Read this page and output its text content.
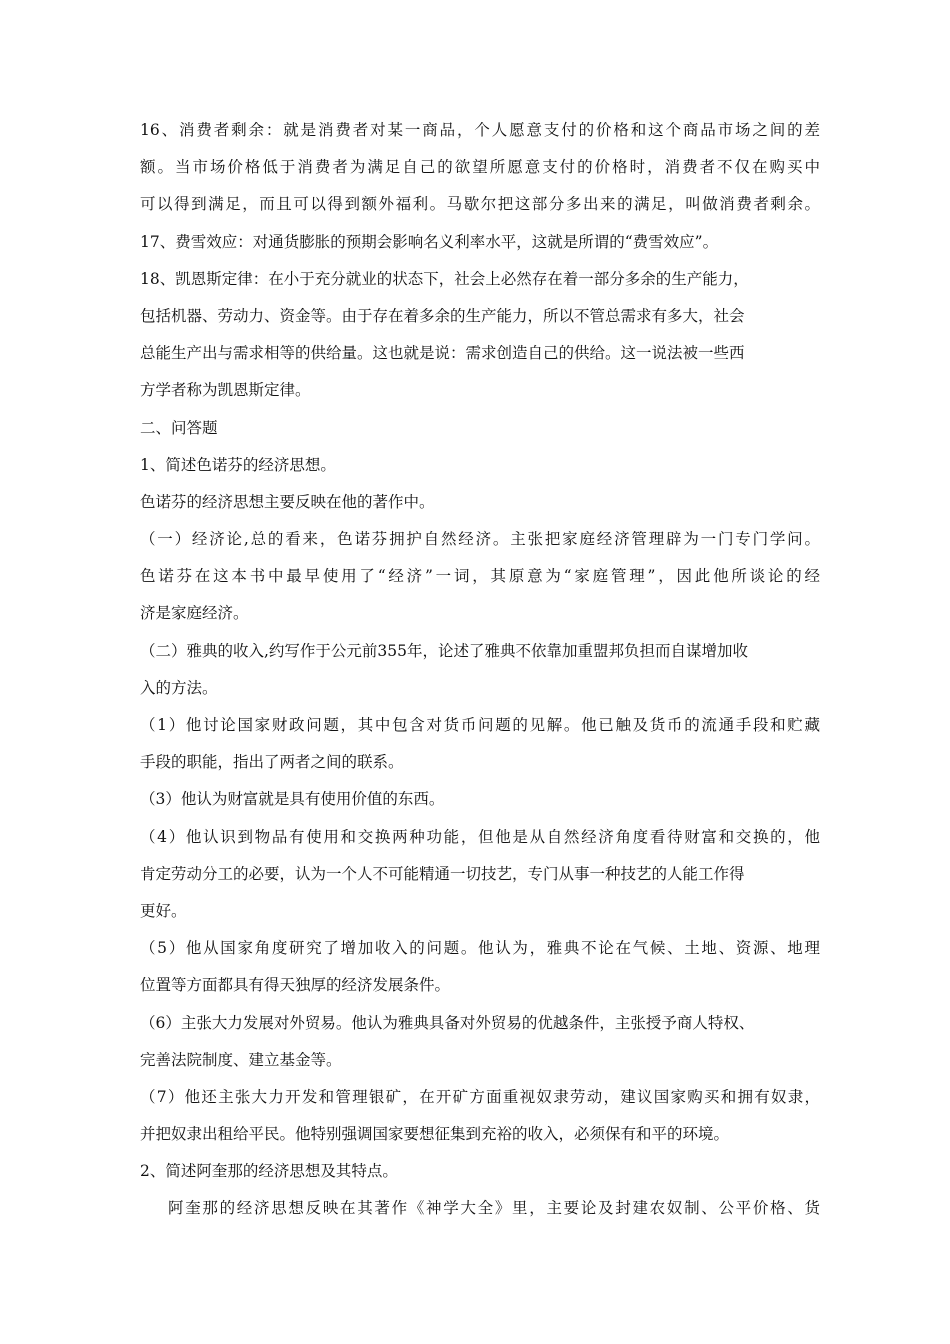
16、消费者剩余：就是消费者对某一商品，个人愿意支付的价格和这个商品市场之间的差
额。当市场价格低于消费者为满足自己的欲望所愿意支付的价格时，消费者不仅在购买中
可以得到满足，而且可以得到额外福利。马歇尔把这部分多出来的满足，叫做消费者剩余。
17、费雪效应：对通货膨胀的预期会影响名义利率水平，这就是所谓的“费雪效应”。
18、凯恩斯定律：在小于充分就业的状态下，社会上必然存在着一部分多余的生产能力，
包括机器、劳动力、资金等。由于存在着多余的生产能力，所以不管总需求有多大，社会
总能生产出与需求相等的供给量。这也就是说：需求创造自己的供给。这一说法被一些西
方学者称为凯恩斯定律。
二、问答题
1、简述色诺芬的经济思想。
色诺芬的经济思想主要反映在他的著作中。
（一）经济论,总的看来，色诺芬拥护自然经济。主张把家庭经济管理辟为一门专门学问。
色诺芬在这本书中最早使用了“经济”一词，其原意为“家庭管理”，因此他所谈论的经
济是家庭经济。
（二）雅典的收入,约写作于公元前355年，论述了雅典不依靠加重盟邦负担而自谋增加收
入的方法。
（1）他讨论国家财政问题，其中包含对货币问题的见解。他已触及货币的流通手段和贮藏
手段的职能，指出了两者之间的联系。
（3）他认为财富就是具有使用价值的东西。
（4）他认识到物品有使用和交换两种功能，但他是从自然经济角度看待财富和交换的，他
肯定劳动分工的必要，认为一个人不可能精通一切技艺，专门从事一种技艺的人能工作得
更好。
（5）他从国家角度研究了增加收入的问题。他认为，雅典不论在气候、土地、资源、地理
位置等方面都具有得天独厚的经济发展条件。
（6）主张大力发展对外贸易。他认为雅典具备对外贸易的优越条件，主张授予商人特权、
完善法院制度、建立基金等。
（7）他还主张大力开发和管理银矿，在开矿方面重视奴隶劳动，建议国家购买和拥有奴隶，
并把奴隶出租给平民。他特别强调国家要想征集到充裕的收入，必须保有和平的环境。
2、简述阿奎那的经济思想及其特点。
阿奎那的经济思想反映在其著作《神学大全》里，主要论及封建农奴制、公平价格、货
